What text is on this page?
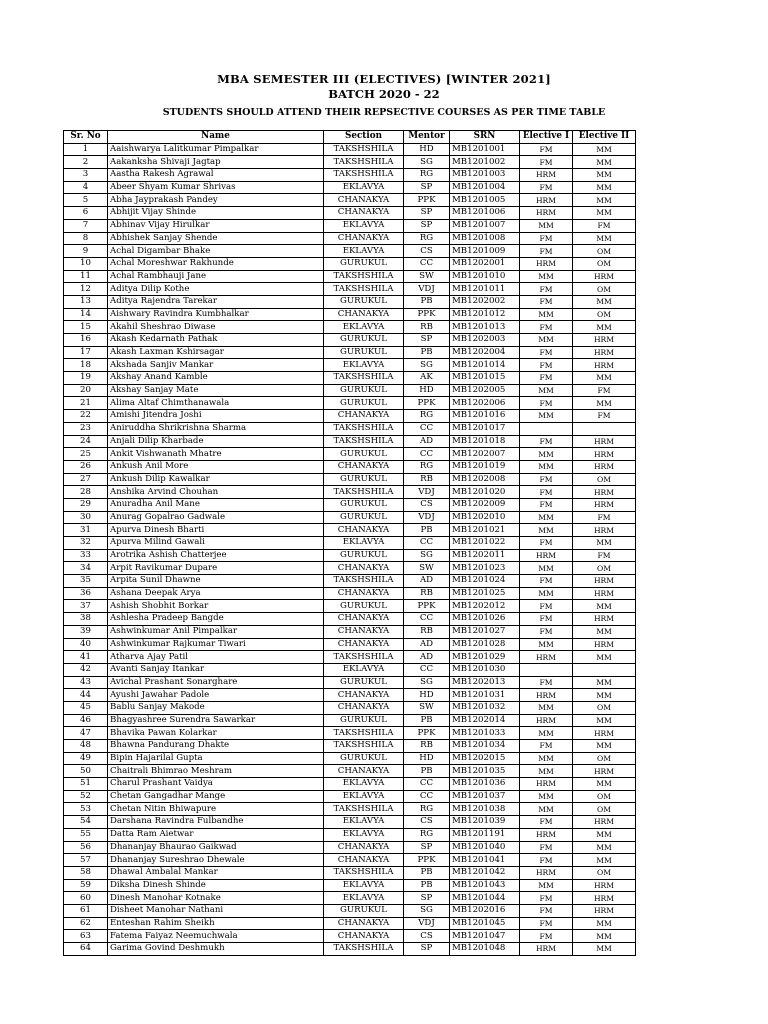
MBA SEMESTER III (ELECTIVES) [WINTER 2021]
BATCH 2020 - 22
STUDENTS SHOULD ATTEND THEIR REPSECTIVE COURSES AS PER TIME TABLE
Sr. No	Name	Section	Mentor	SRN	Elective I	Elective II
1	Aaishwarya Lalitkumar Pimpalkar	TAKSHSHILA	HD	MB1201001	FM	MM
2	Aakanksha Shivaji Jagtap	TAKSHSHILA	SG	MB1201002	FM	MM
3	Aastha Rakesh Agrawal	TAKSHSHILA	RG	MB1201003	HRM	MM
4	Abeer Shyam Kumar Shrivas	EKLAVYA	SP	MB1201004	FM	MM
5	Abha Jayprakash Pandey	CHANAKYA	PPK	MB1201005	HRM	MM
6	Abhijit Vijay Shinde	CHANAKYA	SP	MB1201006	HRM	MM
7	Abhinav Vijay Hirulkar	EKLAVYA	SP	MB1201007	MM	FM
8	Abhishek Sanjay Shende	CHANAKYA	RG	MB1201008	FM	MM
9	Achal Digambar Bhake	EKLAVYA	CS	MB1201009	FM	OM
10	Achal Moreshwar Rakhunde	GURUKUL	CC	MB1202001	HRM	OM
11	Achal Rambhauji Jane	TAKSHSHILA	SW	MB1201010	MM	HRM
12	Aditya Dilip Kothe	TAKSHSHILA	VDJ	MB1201011	FM	OM
13	Aditya Rajendra Tarekar	GURUKUL	PB	MB1202002	FM	MM
14	Aishwary Ravindra Kumbhalkar	CHANAKYA	PPK	MB1201012	MM	OM
15	Akahil Sheshrao Diwase	EKLAVYA	RB	MB1201013	FM	MM
16	Akash Kedarnath Pathak	GURUKUL	SP	MB1202003	MM	HRM
17	Akash Laxman Kshirsagar	GURUKUL	PB	MB1202004	FM	HRM
18	Akshada Sanjiv Mankar	EKLAVYA	SG	MB1201014	FM	HRM
19	Akshay Anand Kamble	TAKSHSHILA	AK	MB1201015	FM	MM
20	Akshay Sanjay Mate	GURUKUL	HD	MB1202005	MM	FM
21	Alima Altaf Chimthanawala	GURUKUL	PPK	MB1202006	FM	MM
22	Amishi Jitendra Joshi	CHANAKYA	RG	MB1201016	MM	FM
23	Aniruddha Shrikrishna Sharma	TAKSHSHILA	CC	MB1201017		
24	Anjali Dilip Kharbade	TAKSHSHILA	AD	MB1201018	FM	HRM
25	Ankit Vishwanath Mhatre	GURUKUL	CC	MB1202007	MM	HRM
26	Ankush Anil More	CHANAKYA	RG	MB1201019	MM	HRM
27	Ankush Dilip Kawalkar	GURUKUL	RB	MB1202008	FM	OM
28	Anshika Arvind Chouhan	TAKSHSHILA	VDJ	MB1201020	FM	HRM
29	Anuradha Anil Mane	GURUKUL	CS	MB1202009	FM	HRM
30	Anurag Gopalrao Gadwale	GURUKUL	VDJ	MB1202010	MM	FM
31	Apurva Dinesh Bharti	CHANAKYA	PB	MB1201021	MM	HRM
32	Apurva Milind Gawali	EKLAVYA	CC	MB1201022	FM	MM
33	Arotrika Ashish Chatterjee	GURUKUL	SG	MB1202011	HRM	FM
34	Arpit Ravikumar Dupare	CHANAKYA	SW	MB1201023	MM	OM
35	Arpita Sunil Dhawne	TAKSHSHILA	AD	MB1201024	FM	HRM
36	Ashana Deepak Arya	CHANAKYA	RB	MB1201025	MM	HRM
37	Ashish Shobhit Borkar	GURUKUL	PPK	MB1202012	FM	MM
38	Ashlesha Pradeep Bangde	CHANAKYA	CC	MB1201026	FM	HRM
39	Ashwinkumar Anil Pimpalkar	CHANAKYA	RB	MB1201027	FM	MM
40	Ashwinkumar Rajkumar Tiwari	CHANAKYA	AD	MB1201028	MM	HRM
41	Atharva Ajay Patil	TAKSHSHILA	AD	MB1201029	HRM	MM
42	Avanti Sanjay Itankar	EKLAVYA	CC	MB1201030		
43	Avichal Prashant Sonarghare	GURUKUL	SG	MB1202013	FM	MM
44	Ayushi Jawahar Padole	CHANAKYA	HD	MB1201031	HRM	MM
45	Bablu Sanjay Makode	CHANAKYA	SW	MB1201032	MM	OM
46	Bhagyashree Surendra Sawarkar	GURUKUL	PB	MB1202014	HRM	MM
47	Bhavika Pawan Kolarkar	TAKSHSHILA	PPK	MB1201033	MM	HRM
48	Bhawna Pandurang Dhakte	TAKSHSHILA	RB	MB1201034	FM	MM
49	Bipin Hajarilal Gupta	GURUKUL	HD	MB1202015	MM	OM
50	Chaitrali Bhimrao Meshram	CHANAKYA	PB	MB1201035	MM	HRM
51	Charul Prashant Vaidya	EKLAVYA	CC	MB1201036	HRM	MM
52	Chetan Gangadhar Mange	EKLAVYA	CC	MB1201037	MM	OM
53	Chetan Nitin Bhiwapure	TAKSHSHILA	RG	MB1201038	MM	OM
54	Darshana Ravindra Fulbandhe	EKLAVYA	CS	MB1201039	FM	HRM
55	Datta Ram Aietwar	EKLAVYA	RG	MB1201191	HRM	MM
56	Dhananjay Bhaurao Gaikwad	CHANAKYA	SP	MB1201040	FM	MM
57	Dhananjay Sureshrao Dhewale	CHANAKYA	PPK	MB1201041	FM	MM
58	Dhawal Ambalal Mankar	TAKSHSHILA	PB	MB1201042	HRM	OM
59	Diksha Dinesh Shinde	EKLAVYA	PB	MB1201043	MM	HRM
60	Dinesh Manohar Kotnake	EKLAVYA	SP	MB1201044	FM	HRM
61	Disheet Manohar Nathani	GURUKUL	SG	MB1202016	FM	HRM
62	Enteshan Rahim Sheikh	CHANAKYA	VDJ	MB1201045	FM	MM
63	Fatema Faiyaz Neemuchwala	CHANAKYA	CS	MB1201047	FM	MM
64	Garima Govind Deshmukh	TAKSHSHILA	SP	MB1201048	HRM	MM
